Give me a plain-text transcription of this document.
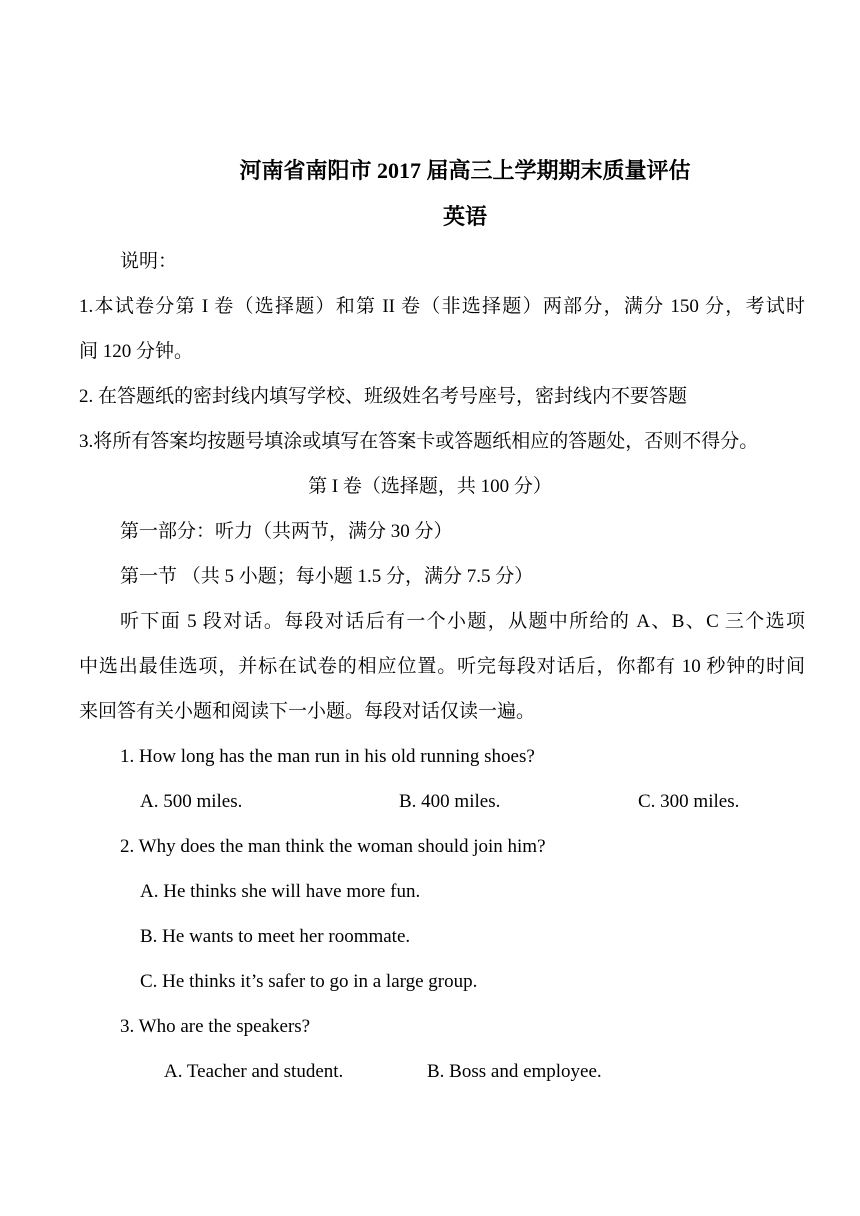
河南省南阳市 2017 届高三上学期期末质量评估
英语
说明：
1.本试卷分第 I 卷（选择题）和第 II 卷（非选择题）两部分，满分 150 分，考试时
间 120 分钟。
2. 在答题纸的密封线内填写学校、班级姓名考号座号，密封线内不要答题
3.将所有答案均按题号填涂或填写在答案卡或答题纸相应的答题处，否则不得分。
第 I 卷（选择题，共 100 分）
第一部分：听力（共两节，满分 30 分）
第一节 （共 5 小题；每小题 1.5 分，满分 7.5 分）
听下面 5 段对话。每段对话后有一个小题，从题中所给的 A、B、C 三个选项
中选出最佳选项，并标在试卷的相应位置。听完每段对话后，你都有 10 秒钟的时间
来回答有关小题和阅读下一小题。每段对话仅读一遍。
1. How long has the man run in his old running shoes?
A. 500 miles.	B. 400 miles.	C. 300 miles.
2. Why does the man think the woman should join him?
A. He thinks she will have more fun.
B. He wants to meet her roommate.
C. He thinks it’s safer to go in a large group.
3. Who are the speakers?
A. Teacher and student.	B. Boss and employee.
